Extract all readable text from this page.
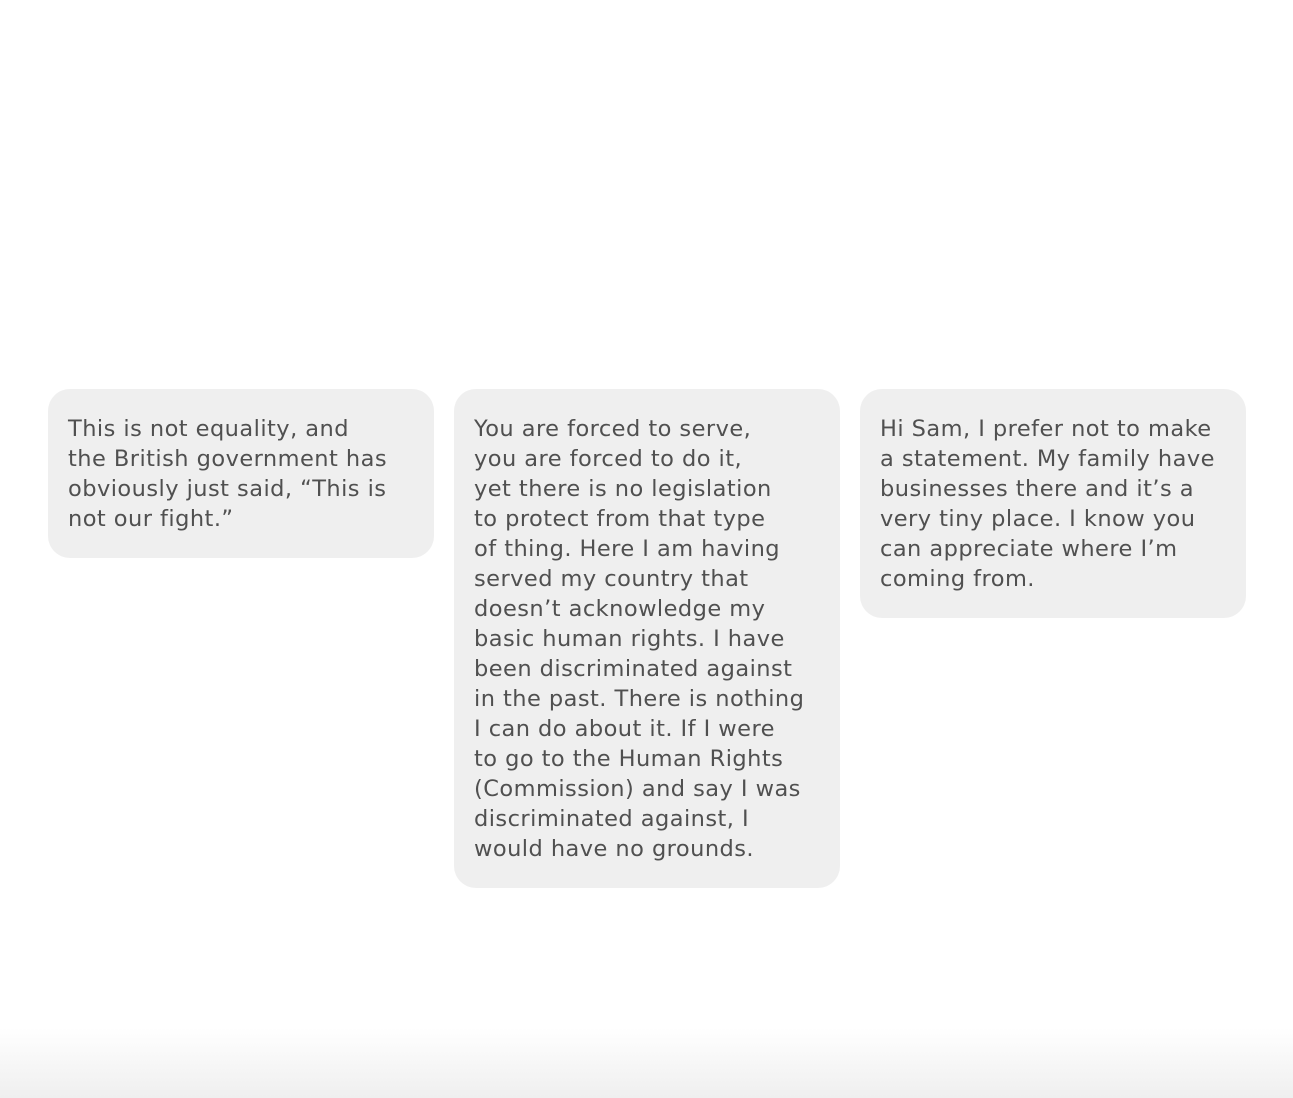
This is not equality, and
the British government has
obviously just said, “This is
not our fight.”

You are forced to serve,
you are forced to do it,
yet there is no legislation
to protect from that type
of thing. Here I am having
served my country that
doesn’t acknowledge my
basic human rights. I have
been discriminated against
in the past. There is nothing
I can do about it. If I were
to go to the Human Rights
(Commission) and say I was
discriminated against, I
would have no grounds.

Hi Sam, I prefer not to make
a statement. My family have
businesses there and it’s a
very tiny place. I know you
can appreciate where I’m
coming from.
